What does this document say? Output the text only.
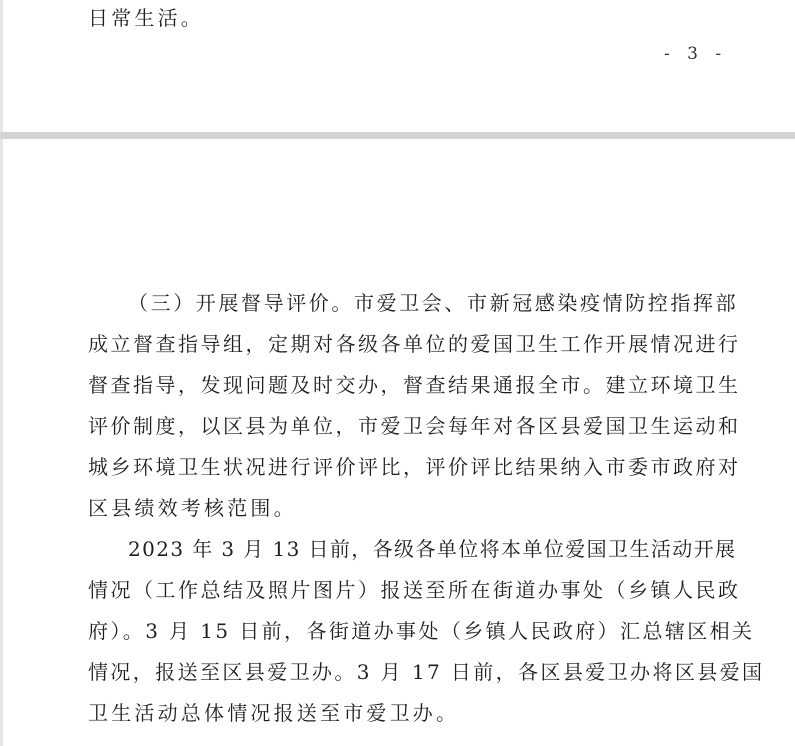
日常生活。
- 3 -
（三）开展督导评价。市爱卫会、市新冠感染疫情防控指挥部
成立督查指导组，定期对各级各单位的爱国卫生工作开展情况进行
督查指导，发现问题及时交办，督查结果通报全市。建立环境卫生
评价制度，以区县为单位，市爱卫会每年对各区县爱国卫生运动和
城乡环境卫生状况进行评价评比，评价评比结果纳入市委市政府对
区县绩效考核范围。
2023 年 3 月 13 日前，各级各单位将本单位爱国卫生活动开展
情况（工作总结及照片图片）报送至所在街道办事处（乡镇人民政
府）。3 月 15 日前，各街道办事处（乡镇人民政府）汇总辖区相关
情况，报送至区县爱卫办。3 月 17 日前，各区县爱卫办将区县爱国
卫生活动总体情况报送至市爱卫办。
